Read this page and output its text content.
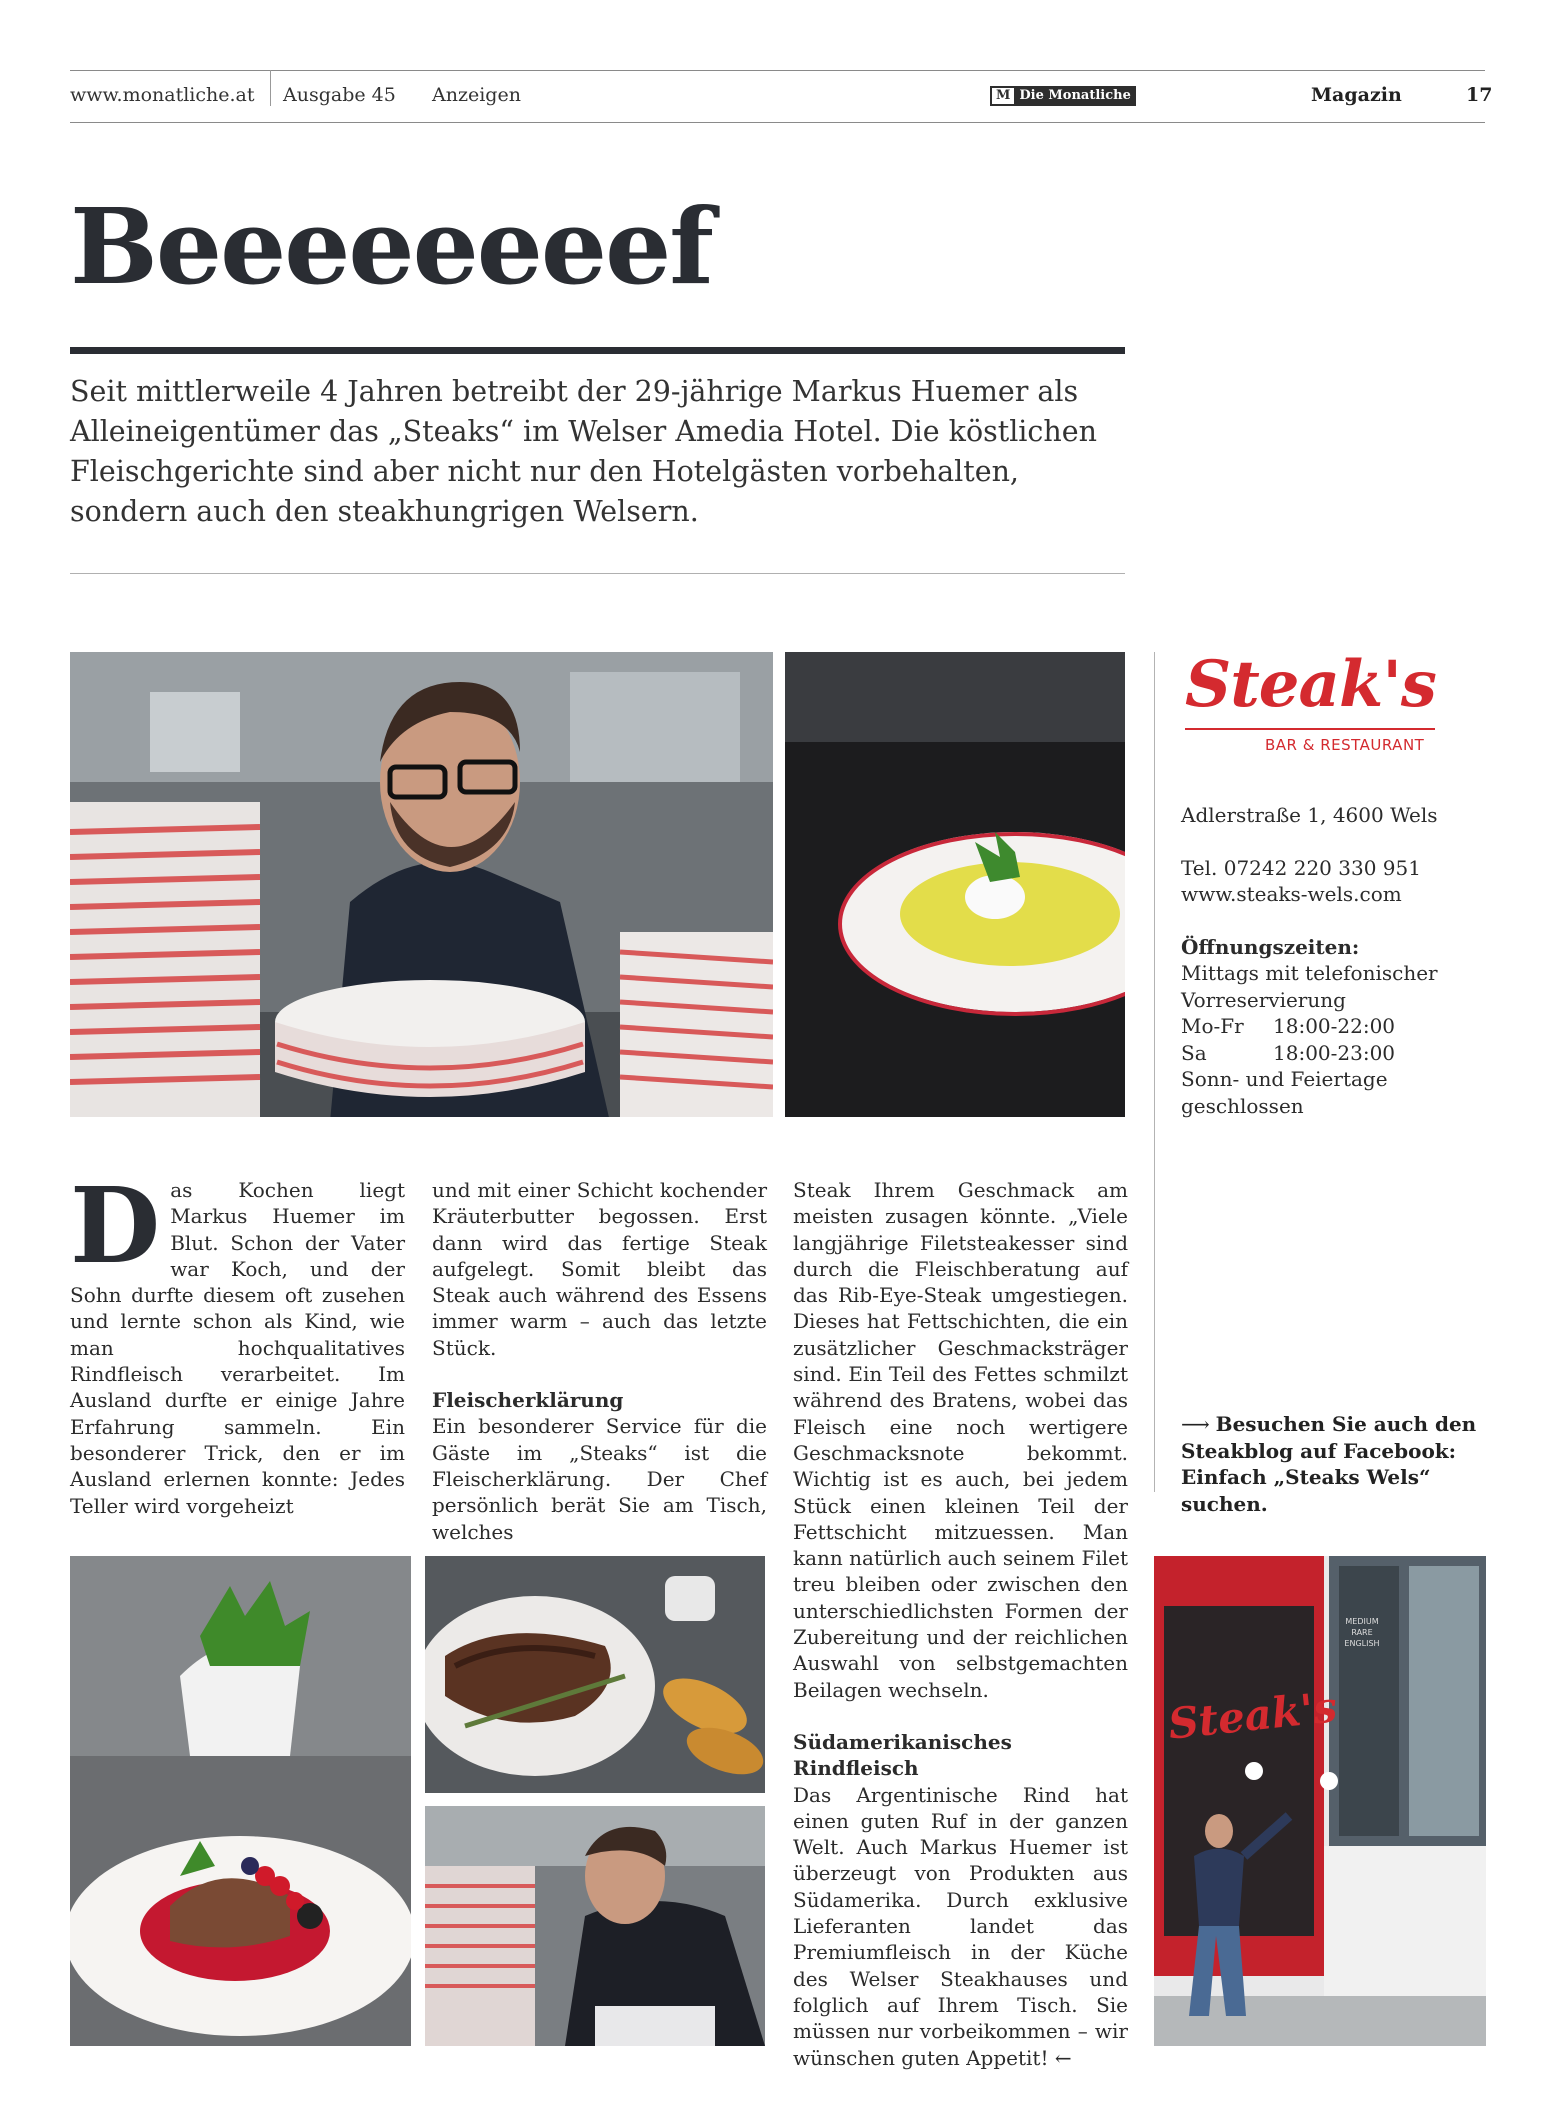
www.monatliche.at Ausgabe 45 Anzeigen	M Die Monatliche	Magazin	17
Beeeeeeeef
Seit mittlerweile 4 Jahren betreibt der 29-jährige Markus Huemer als Alleineigentümer das „Steaks“ im Welser Amedia Hotel. Die köstlichen Fleischgerichte sind aber nicht nur den Hotelgästen vorbehalten, sondern auch den steakhungrigen Welsern.
Steak's
BAR & RESTAURANT

Adlerstraße 1, 4600 Wels

Tel. 07242 220 330 951

www.steaks-wels.com

Öffnungszeiten:

Mittags mit telefonischer Vorreservierung

Mo-Fr	18:00-22:00
Sa	18:00-23:00

Sonn- und Feiertage geschlossen

⟶ Besuchen Sie auch den Steakblog auf Facebook: Einfach „Steaks Wels“ suchen.
D as Kochen liegt Markus Huemer im Blut. Schon der Vater war Koch, und der Sohn durfte diesem oft zusehen und lernte schon als Kind, wie man hochqualitatives Rindfleisch verarbeitet. Im Ausland durfte er einige Jahre Erfahrung sammeln. Ein besonderer Trick, den er im Ausland erlernen konnte: Jedes Teller wird vorgeheizt

und mit einer Schicht kochender Kräuterbutter begossen. Erst dann wird das fertige Steak aufgelegt. Somit bleibt das Steak auch während des Essens immer warm – auch das letzte Stück.

Fleischerklärung

Ein besonderer Service für die Gäste im „Steaks“ ist die Fleischerklärung. Der Chef persönlich berät Sie am Tisch, welches

Steak Ihrem Geschmack am meisten zusagen könnte. „Viele langjährige Filetsteakesser sind durch die Fleischberatung auf das Rib-Eye-Steak umgestiegen. Dieses hat Fettschichten, die ein zusätzlicher Geschmacksträger sind. Ein Teil des Fettes schmilzt während des Bratens, wobei das Fleisch eine noch wertigere Geschmacksnote bekommt. Wichtig ist es auch, bei jedem Stück einen kleinen Teil der Fettschicht mitzuessen. Man kann natürlich auch seinem Filet treu bleiben oder zwischen den unterschiedlichsten Formen der Zubereitung und der reichlichen Auswahl von selbstgemachten Beilagen wechseln.

Südamerikanisches Rindfleisch

Das Argentinische Rind hat einen guten Ruf in der ganzen Welt. Auch Markus Huemer ist überzeugt von Produkten aus Südamerika. Durch exklusive Lieferanten landet das Premiumfleisch in der Küche des Welser Steakhauses und folglich auf Ihrem Tisch. Sie müssen nur vorbeikommen – wir wünschen guten Appetit! ←

Steak's
MEDIUM RARE ENGLISH
